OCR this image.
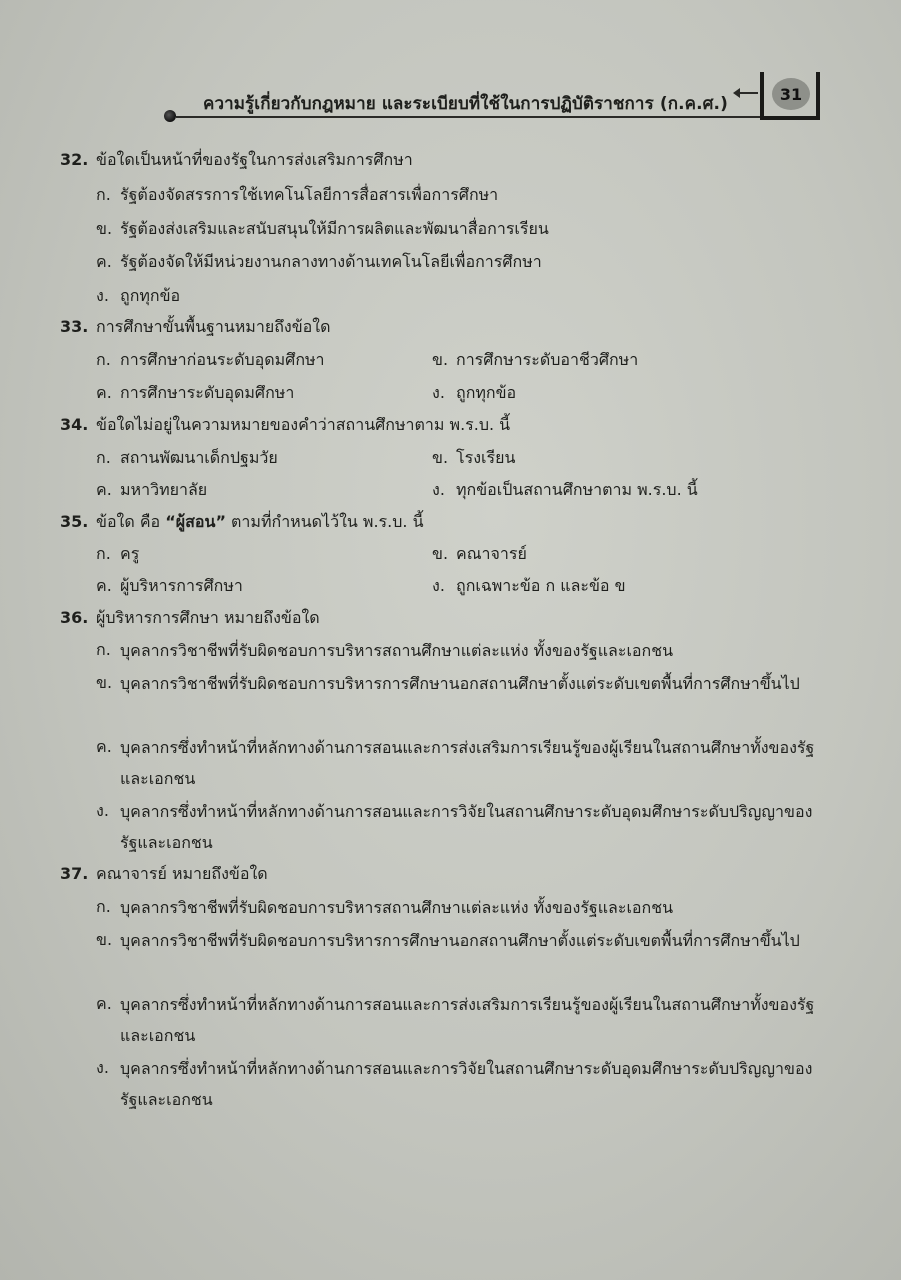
ความรู้เกี่ยวกับกฎหมาย และระเบียบที่ใช้ในการปฏิบัติราชการ (ก.ค.ศ.)	31
32. ข้อใดเป็นหน้าที่ของรัฐในการส่งเสริมการศึกษา
ก. รัฐต้องจัดสรรการใช้เทคโนโลยีการสื่อสารเพื่อการศึกษา
ข. รัฐต้องส่งเสริมและสนับสนุนให้มีการผลิตและพัฒนาสื่อการเรียน
ค. รัฐต้องจัดให้มีหน่วยงานกลางทางด้านเทคโนโลยีเพื่อการศึกษา
ง. ถูกทุกข้อ
33. การศึกษาขั้นพื้นฐานหมายถึงข้อใด
ก. การศึกษาก่อนระดับอุดมศึกษา	ข. การศึกษาระดับอาชีวศึกษา
ค. การศึกษาระดับอุดมศึกษา	ง. ถูกทุกข้อ
34. ข้อใดไม่อยู่ในความหมายของคำว่าสถานศึกษาตาม พ.ร.บ. นี้
ก. สถานพัฒนาเด็กปฐมวัย	ข. โรงเรียน
ค. มหาวิทยาลัย	ง. ทุกข้อเป็นสถานศึกษาตาม พ.ร.บ. นี้
35. ข้อใด คือ “ผู้สอน” ตามที่กำหนดไว้ใน พ.ร.บ. นี้
ก. ครู	ข. คณาจารย์
ค. ผู้บริหารการศึกษา	ง. ถูกเฉพาะข้อ ก และข้อ ข
36. ผู้บริหารการศึกษา หมายถึงข้อใด
ก. บุคลากรวิชาชีพที่รับผิดชอบการบริหารสถานศึกษาแต่ละแห่ง ทั้งของรัฐและเอกชน
ข. บุคลากรวิชาชีพที่รับผิดชอบการบริหารการศึกษานอกสถานศึกษาตั้งแต่ระดับเขตพื้นที่การศึกษาขึ้นไป
ค. บุคลากรซึ่งทำหน้าที่หลักทางด้านการสอนและการส่งเสริมการเรียนรู้ของผู้เรียนในสถานศึกษาทั้งของรัฐและเอกชน
ง. บุคลากรซึ่งทำหน้าที่หลักทางด้านการสอนและการวิจัยในสถานศึกษาระดับอุดมศึกษาระดับปริญญาของรัฐและเอกชน
37. คณาจารย์ หมายถึงข้อใด
ก. บุคลากรวิชาชีพที่รับผิดชอบการบริหารสถานศึกษาแต่ละแห่ง ทั้งของรัฐและเอกชน
ข. บุคลากรวิชาชีพที่รับผิดชอบการบริหารการศึกษานอกสถานศึกษาตั้งแต่ระดับเขตพื้นที่การศึกษาขึ้นไป
ค. บุคลากรซึ่งทำหน้าที่หลักทางด้านการสอนและการส่งเสริมการเรียนรู้ของผู้เรียนในสถานศึกษาทั้งของรัฐและเอกชน
ง. บุคลากรซึ่งทำหน้าที่หลักทางด้านการสอนและการวิจัยในสถานศึกษาระดับอุดมศึกษาระดับปริญญาของรัฐและเอกชน
